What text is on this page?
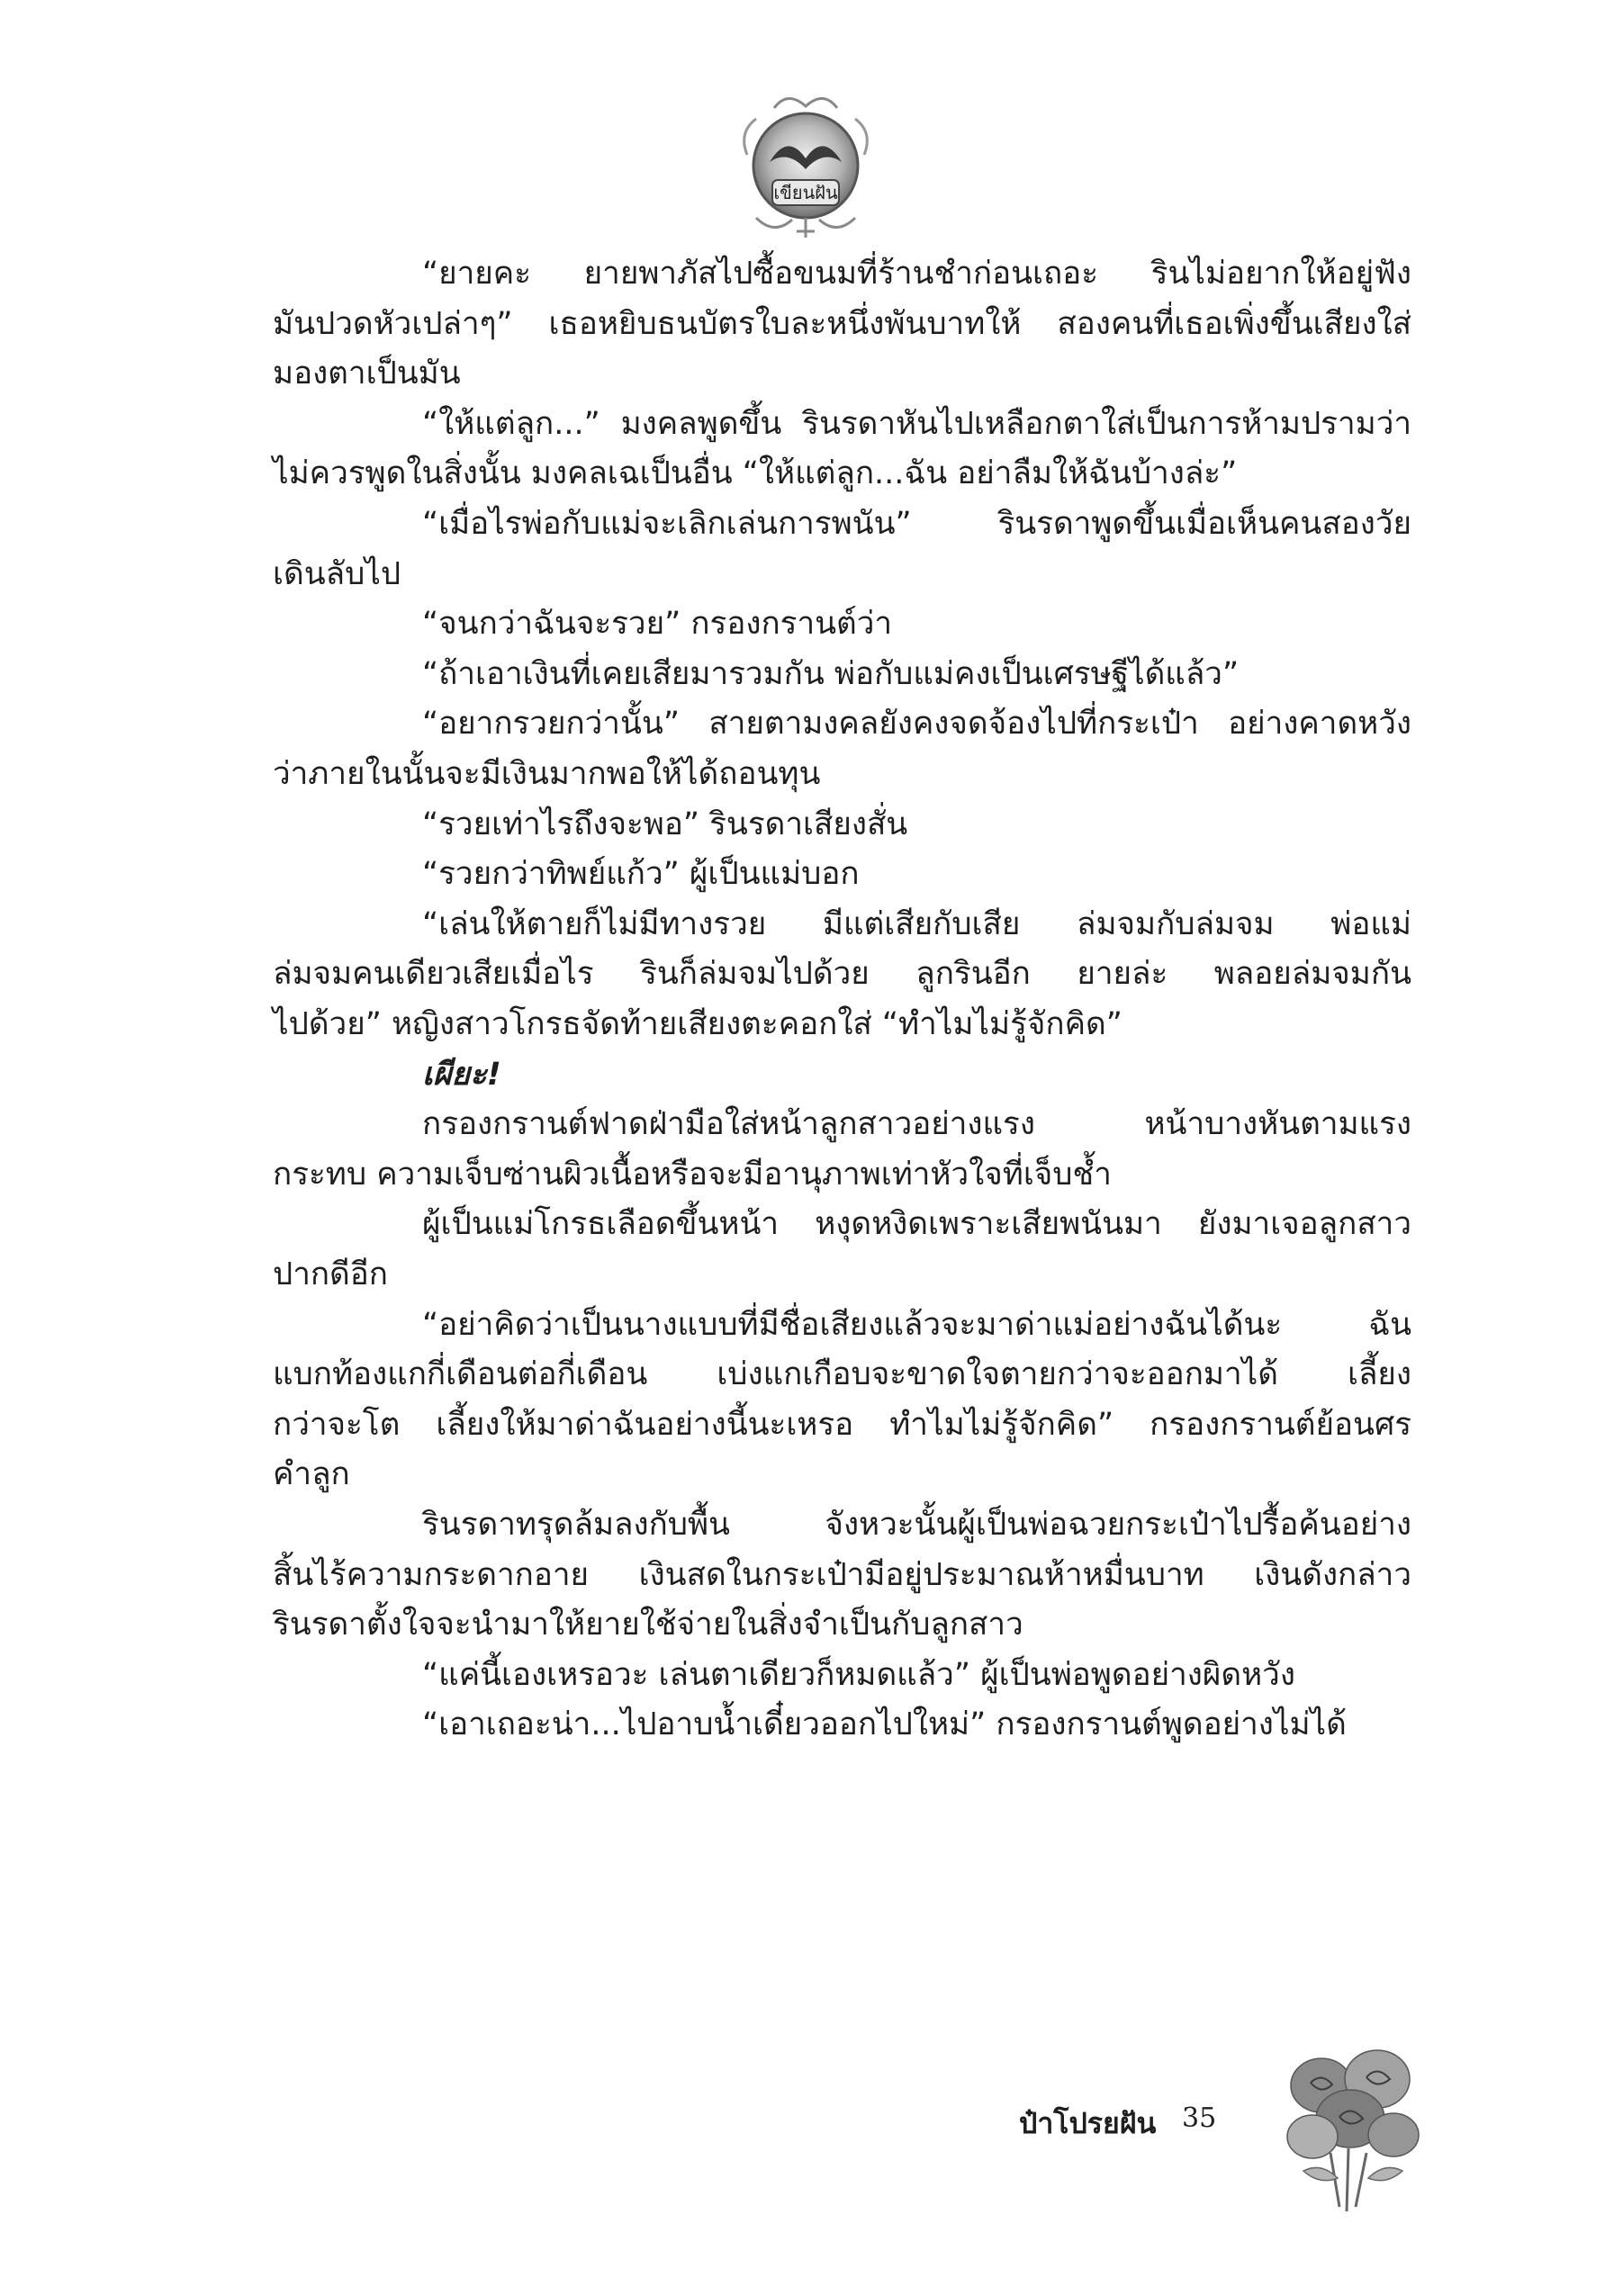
เขียนฝัน
“ยายคะ ยายพาภัสไปซื้อขนมที่ร้านชำก่อนเถอะ รินไม่อยากให้อยู่ฟัง
มันปวดหัวเปล่าๆ” เธอหยิบธนบัตรใบละหนึ่งพันบาทให้ สองคนที่เธอเพิ่งขึ้นเสียงใส่
มองตาเป็นมัน
“ให้แต่ลูก...” มงคลพูดขึ้น รินรดาหันไปเหลือกตาใส่เป็นการห้ามปรามว่า
ไม่ควรพูดในสิ่งนั้น มงคลเฉเป็นอื่น “ให้แต่ลูก...ฉัน อย่าลืมให้ฉันบ้างล่ะ”
“เมื่อไรพ่อกับแม่จะเลิกเล่นการพนัน” รินรดาพูดขึ้นเมื่อเห็นคนสองวัย
เดินลับไป
“จนกว่าฉันจะรวย” กรองกรานต์ว่า
“ถ้าเอาเงินที่เคยเสียมารวมกัน พ่อกับแม่คงเป็นเศรษฐีได้แล้ว”
“อยากรวยกว่านั้น” สายตามงคลยังคงจดจ้องไปที่กระเป๋า อย่างคาดหวัง
ว่าภายในนั้นจะมีเงินมากพอให้ได้ถอนทุน
“รวยเท่าไรถึงจะพอ” รินรดาเสียงสั่น
“รวยกว่าทิพย์แก้ว” ผู้เป็นแม่บอก
“เล่นให้ตายก็ไม่มีทางรวย มีแต่เสียกับเสีย ล่มจมกับล่มจม พ่อแม่
ล่มจมคนเดียวเสียเมื่อไร รินก็ล่มจมไปด้วย ลูกรินอีก ยายล่ะ พลอยล่มจมกัน
ไปด้วย” หญิงสาวโกรธจัดท้ายเสียงตะคอกใส่ “ทำไมไม่รู้จักคิด”
เผียะ!
กรองกรานต์ฟาดฝ่ามือใส่หน้าลูกสาวอย่างแรง หน้าบางหันตามแรง
กระทบ ความเจ็บซ่านผิวเนื้อหรือจะมีอานุภาพเท่าหัวใจที่เจ็บช้ำ
ผู้เป็นแม่โกรธเลือดขึ้นหน้า หงุดหงิดเพราะเสียพนันมา ยังมาเจอลูกสาว
ปากดีอีก
“อย่าคิดว่าเป็นนางแบบที่มีชื่อเสียงแล้วจะมาด่าแม่อย่างฉันได้นะ ฉัน
แบกท้องแกกี่เดือนต่อกี่เดือน เบ่งแกเกือบจะขาดใจตายกว่าจะออกมาได้ เลี้ยง
กว่าจะโต เลี้ยงให้มาด่าฉันอย่างนี้นะเหรอ ทำไมไม่รู้จักคิด” กรองกรานต์ย้อนศร
คำลูก
รินรดาทรุดล้มลงกับพื้น จังหวะนั้นผู้เป็นพ่อฉวยกระเป๋าไปรื้อค้นอย่าง
สิ้นไร้ความกระดากอาย เงินสดในกระเป๋ามีอยู่ประมาณห้าหมื่นบาท เงินดังกล่าว
รินรดาตั้งใจจะนำมาให้ยายใช้จ่ายในสิ่งจำเป็นกับลูกสาว
“แค่นี้เองเหรอวะ เล่นตาเดียวก็หมดแล้ว” ผู้เป็นพ่อพูดอย่างผิดหวัง
“เอาเถอะน่า...ไปอาบน้ำเดี๋ยวออกไปใหม่” กรองกรานต์พูดอย่างไม่ได้
ป๋าโปรยฝัน 35
